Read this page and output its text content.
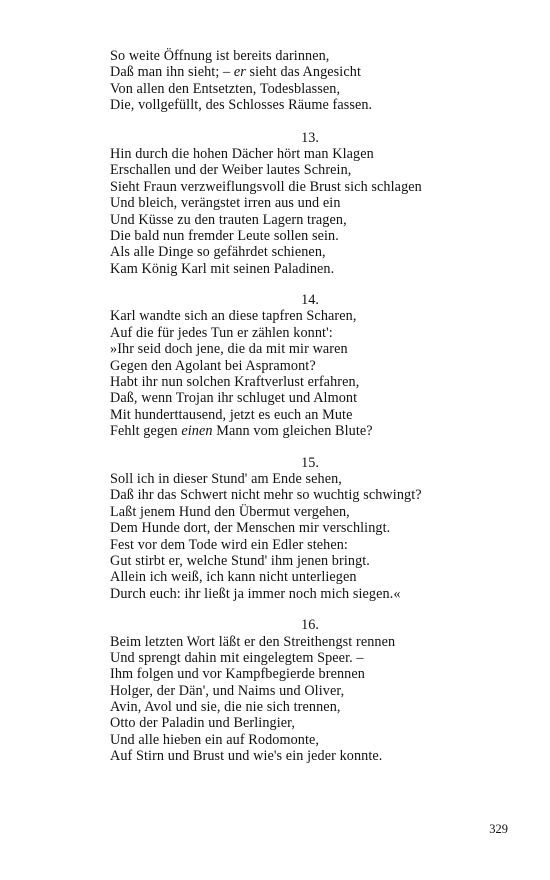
So weite Öffnung ist bereits darinnen,
Daß man ihn sieht; – er sieht das Angesicht
Von allen den Entsetzten, Todesblassen,
Die, vollgefüllt, des Schlosses Räume fassen.
13.
Hin durch die hohen Dächer hört man Klagen
Erschallen und der Weiber lautes Schrein,
Sieht Fraun verzweiflungsvoll die Brust sich schlagen
Und bleich, verängstet irren aus und ein
Und Küsse zu den trauten Lagern tragen,
Die bald nun fremder Leute sollen sein.
Als alle Dinge so gefährdet schienen,
Kam König Karl mit seinen Paladinen.
14.
Karl wandte sich an diese tapfren Scharen,
Auf die für jedes Tun er zählen konnt':
»Ihr seid doch jene, die da mit mir waren
Gegen den Agolant bei Aspramont?
Habt ihr nun solchen Kraftverlust erfahren,
Daß, wenn Trojan ihr schluget und Almont
Mit hunderttausend, jetzt es euch an Mute
Fehlt gegen einen Mann vom gleichen Blute?
15.
Soll ich in dieser Stund' am Ende sehen,
Daß ihr das Schwert nicht mehr so wuchtig schwingt?
Laßt jenem Hund den Übermut vergehen,
Dem Hunde dort, der Menschen mir verschlingt.
Fest vor dem Tode wird ein Edler stehen:
Gut stirbt er, welche Stund' ihm jenen bringt.
Allein ich weiß, ich kann nicht unterliegen
Durch euch: ihr ließt ja immer noch mich siegen.«
16.
Beim letzten Wort läßt er den Streithengst rennen
Und sprengt dahin mit eingelegtem Speer. –
Ihm folgen und vor Kampfbegierde brennen
Holger, der Dän', und Naims und Oliver,
Avin, Avol und sie, die nie sich trennen,
Otto der Paladin und Berlingier,
Und alle hieben ein auf Rodomonte,
Auf Stirn und Brust und wie's ein jeder konnte.
329
